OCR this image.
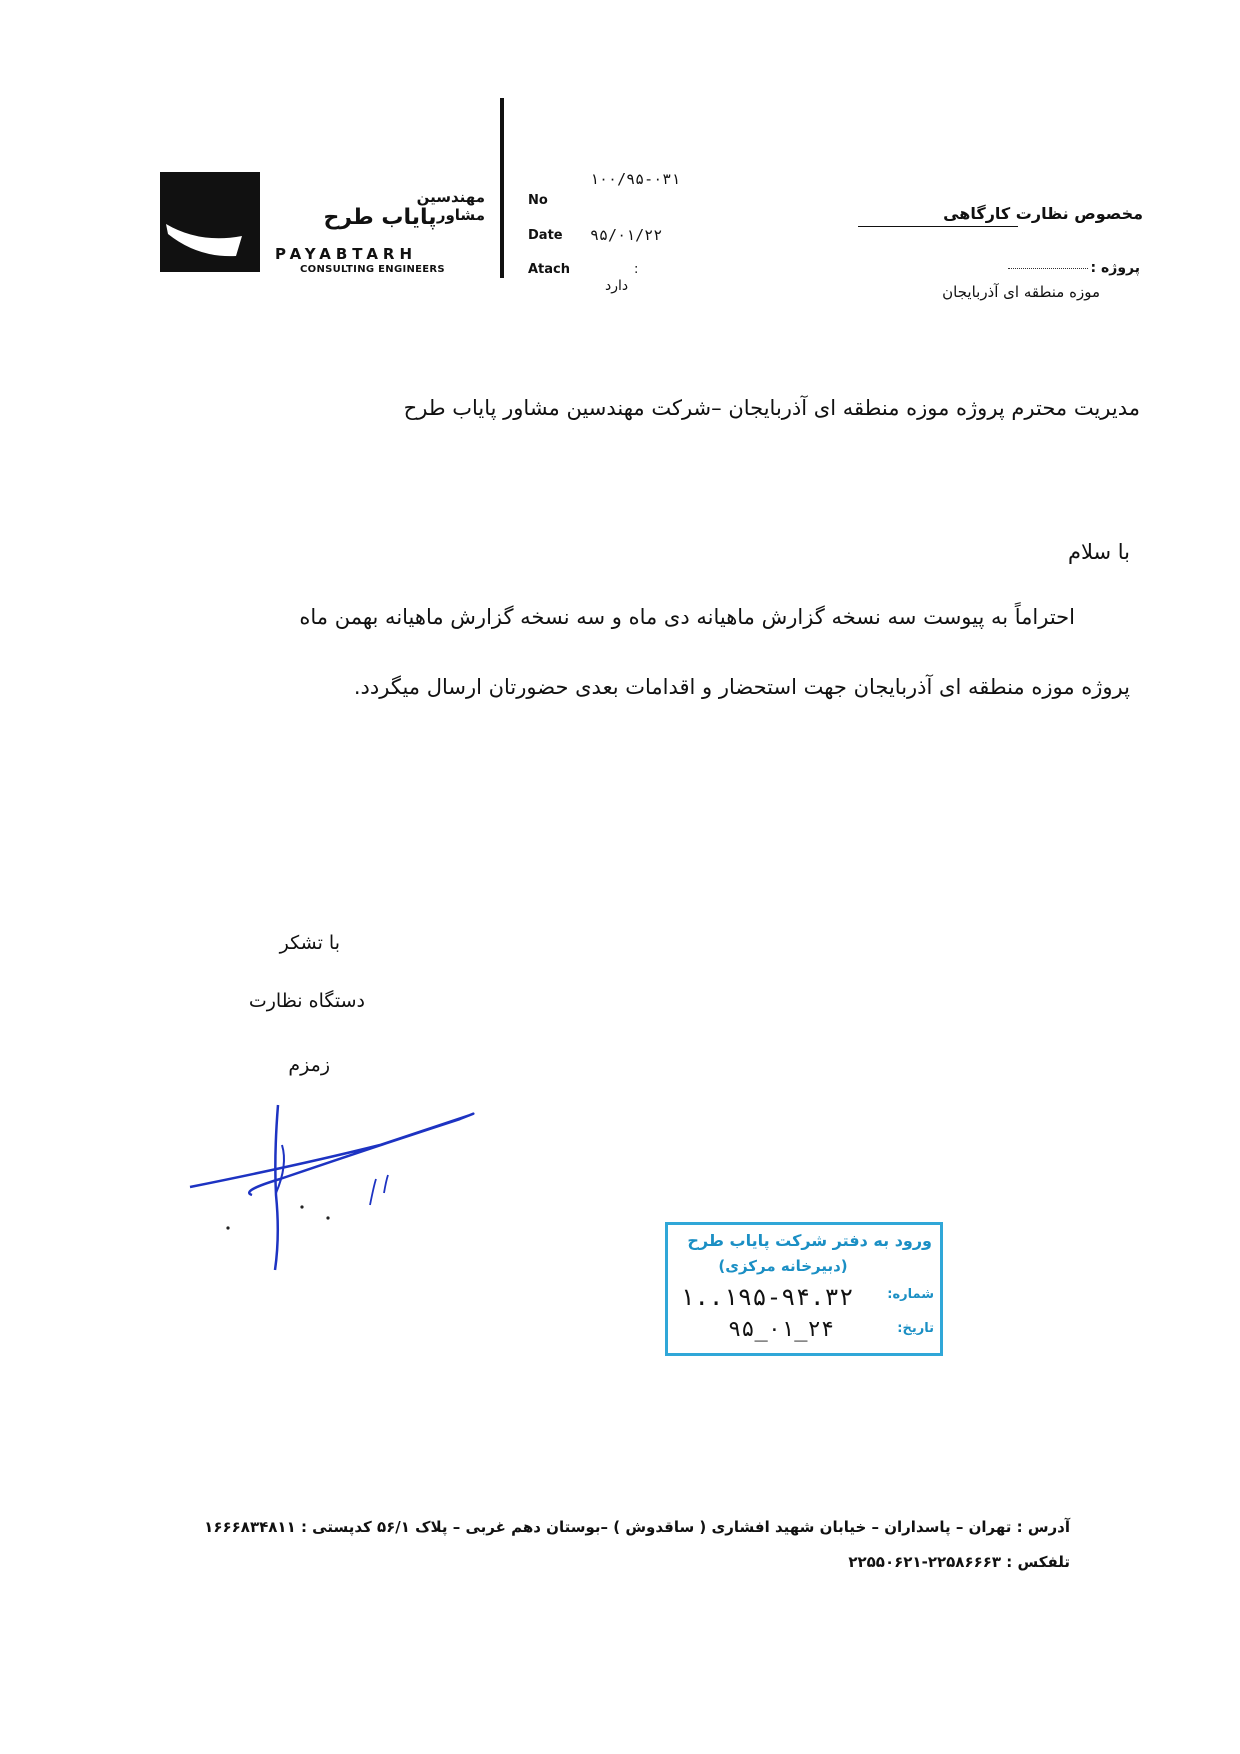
مهندسین مشاور
پایاب طرح
PAYABTARH
CONSULTING ENGINEERS
No
Date
Atach
۱۰۰/۹۵-۰۳۱
۹۵/۰۱/۲۲
:
دارد
مخصوص نظارت کارگاهی
پروژه :
موزه منطقه ای آذربایجان
مدیریت محترم پروژه موزه منطقه ای آذربایجان –شرکت مهندسین مشاور پایاب طرح
با سلام
احتراماً به پیوست سه نسخه گزارش ماهیانه دی ماه و سه نسخه گزارش ماهیانه بهمن ماه
پروژه موزه منطقه ای آذربایجان جهت استحضار و اقدامات بعدی حضورتان ارسال میگردد.
با تشکر
دستگاه نظارت
زمزم
ورود به دفتر شرکت پایاب طرح
(دبیرخانه مرکزی)
شماره:
۱..۱۹۵-۹۴.۳۲
تاریخ:
۹۵_۰۱_۲۴
آدرس : تهران – پاسداران – خیابان شهید افشاری ( ساقدوش ) –بوستان دهم غربی – پلاک ۵۶/۱ کدپستی : ۱۶۶۶۸۳۴۸۱۱
تلفکس : ۲۲۵۸۶۶۶۳-۲۲۵۵۰۶۲۱
